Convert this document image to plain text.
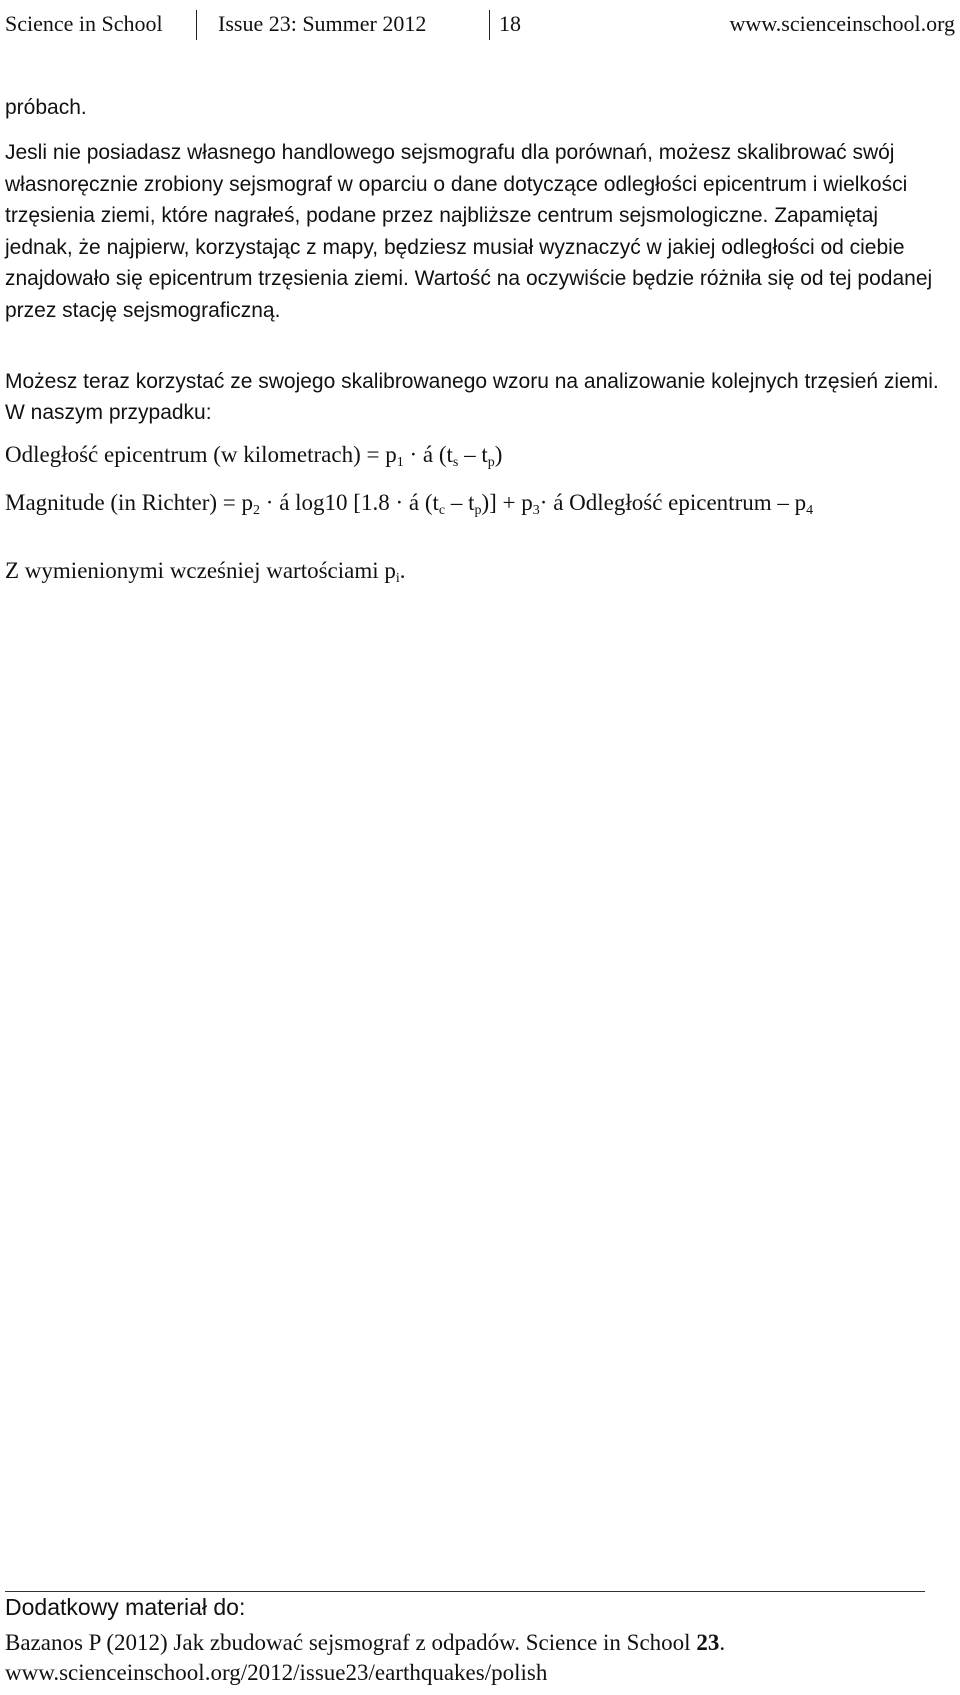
Science in School	Issue 23: Summer 2012	18	www.scienceinschool.org

próbach.

Jesli nie posiadasz własnego handlowego sejsmografu dla porównań, możesz skalibrować swój własnoręcznie zrobiony sejsmograf w oparciu o dane dotyczące odległości epicentrum i wielkości trzęsienia ziemi, które nagrałeś, podane przez najbliższe centrum sejsmologiczne. Zapamiętaj jednak, że najpierw, korzystając z mapy, będziesz musiał wyznaczyć w jakiej odległości od ciebie znajdowało się epicentrum trzęsienia ziemi. Wartość na oczywiście będzie różniła się od tej podanej przez stację sejsmograficzną.

Możesz teraz korzystać ze swojego skalibrowanego wzoru na analizowanie kolejnych trzęsień ziemi. W naszym przypadku:

Odległość epicentrum (w kilometrach) = $p_1$ · á $(t_s - t_p)$

Magnitude (in Richter) = $p_2$ · á log10 [1.8 · á $(t_c - t_p)] + p_3\cdot$ á Odległość epicentrum – $p_4$

Z wymienionymi wcześniej wartościami $p_i$.

Dodatkowy materiał do:
Bazanos P (2012) Jak zbudować sejsmograf z odpadów. Science in School 23.
www.scienceinschool.org/2012/issue23/earthquakes/polish
